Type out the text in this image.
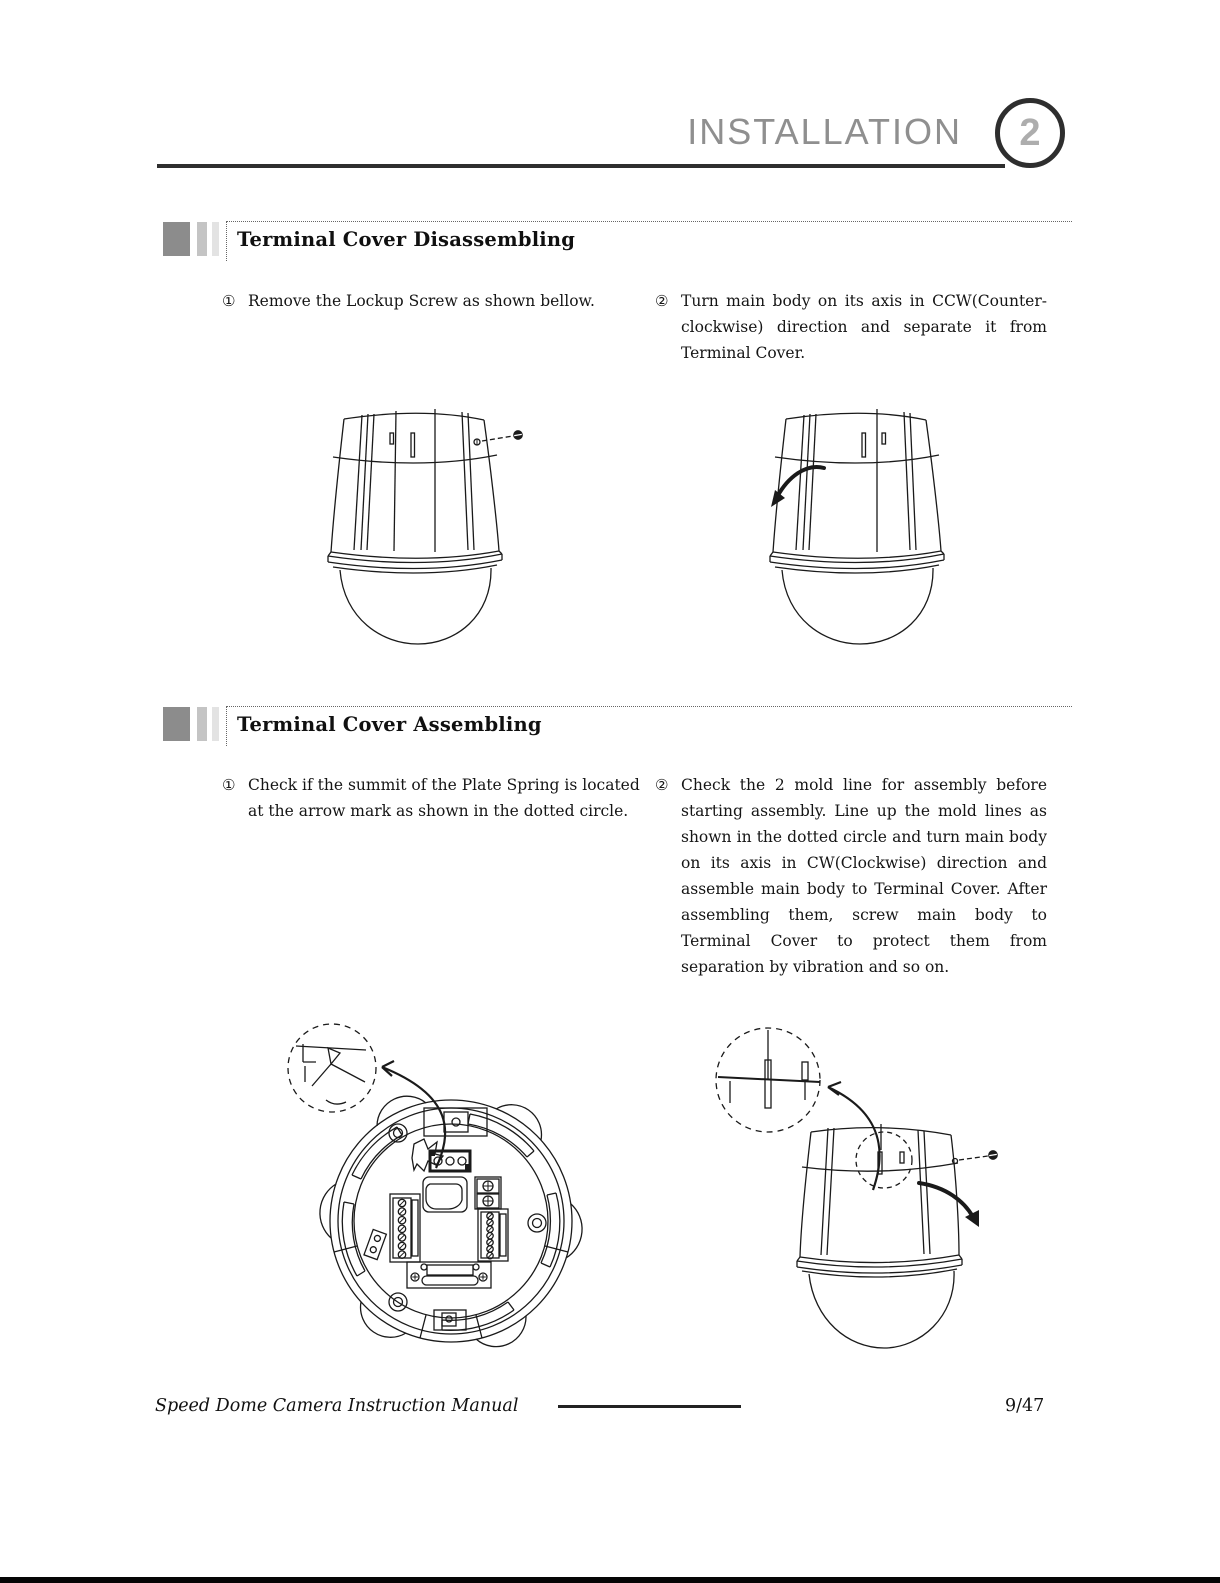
INSTALLATION 2
Terminal Cover Disassembling
① Remove the Lockup Screw as shown bellow.	② Turn main body on its axis in CCW(Counter-clockwise) direction and separate it from Terminal Cover.
Terminal Cover Assembling
① Check if the summit of the Plate Spring is located at the arrow mark as shown in the dotted circle.
② Check the 2 mold line for assembly before starting assembly. Line up the mold lines as shown in the dotted circle and turn main body on its axis in CW(Clockwise) direction and assemble main body to Terminal Cover. After assembling them, screw main body to Terminal Cover to protect them from separation by vibration and so on.
Speed Dome Camera Instruction Manual	9/47
